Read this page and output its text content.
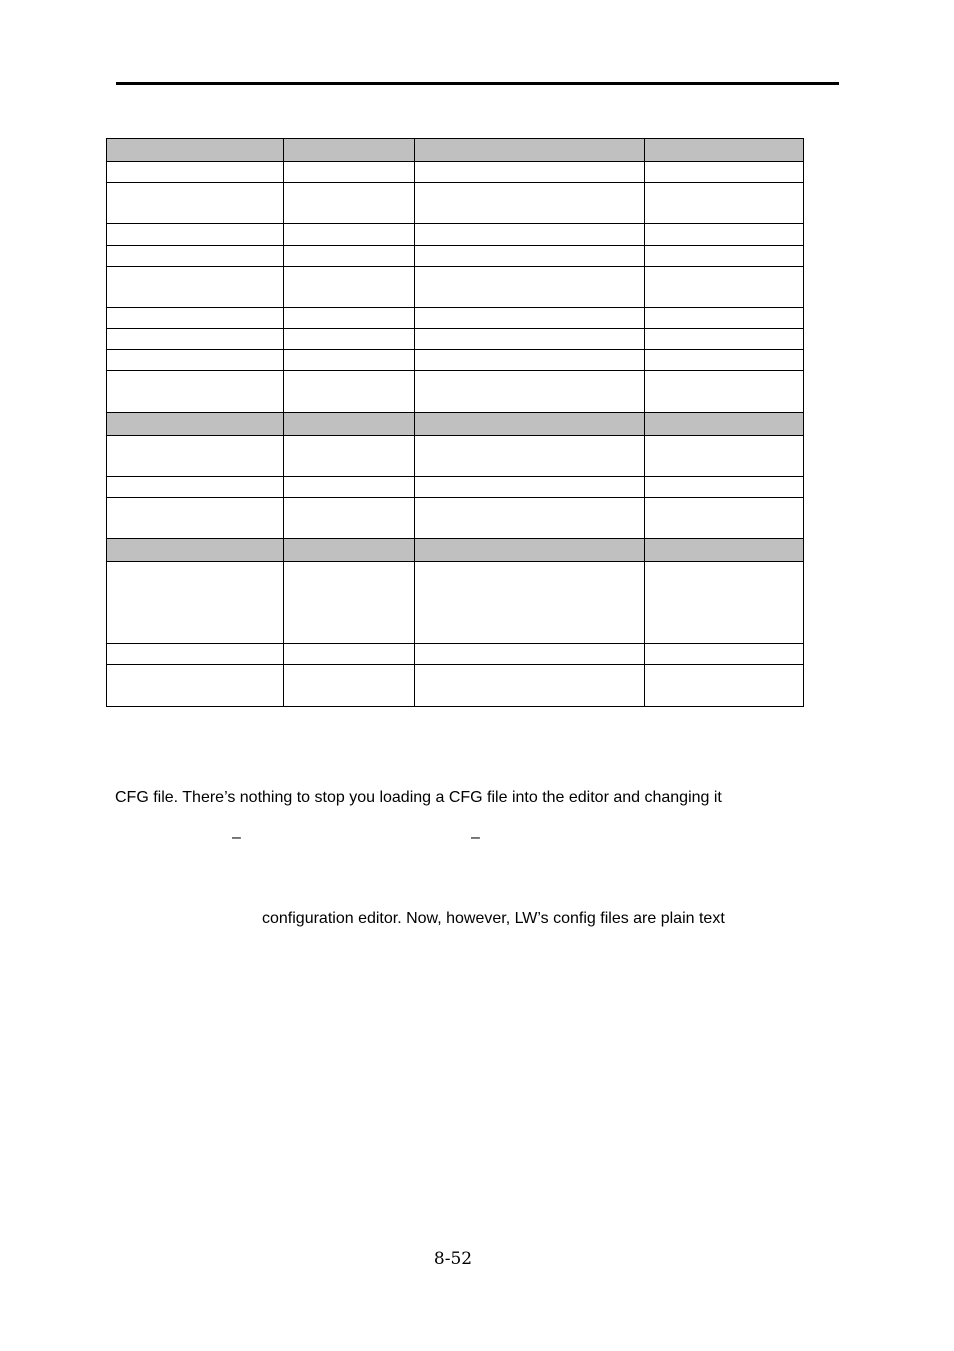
CFG file. There’s nothing to stop you loading a CFG file into the editor and changing it
–	–
configuration editor. Now, however, LW’s config files are plain text
8-52
